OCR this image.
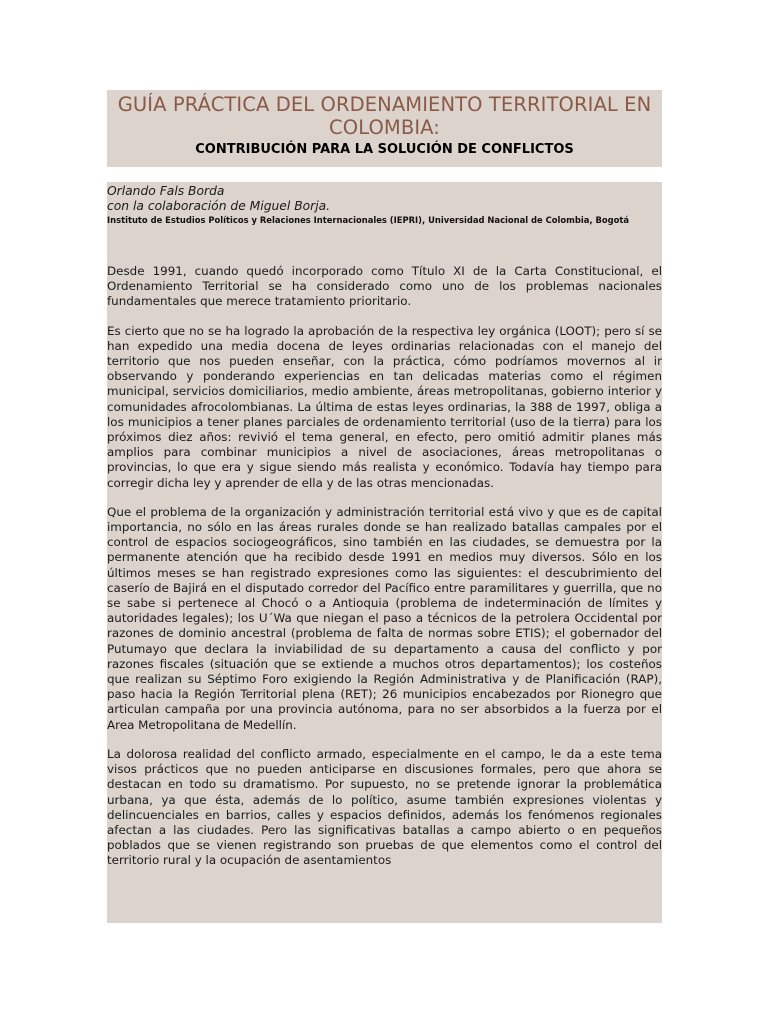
GUÍA PRÁCTICA DEL ORDENAMIENTO TERRITORIAL EN COLOMBIA:
CONTRIBUCIÓN PARA LA SOLUCIÓN DE CONFLICTOS

Orlando Fals Borda

con la colaboración de Miguel Borja.

Instituto de Estudios Políticos y Relaciones Internacionales (IEPRI), Universidad Nacional de Colombia, Bogotá

Desde 1991, cuando quedó incorporado como Título XI de la Carta Constitucional, el Ordenamiento Territorial se ha considerado como uno de los problemas nacionales fundamentales que merece tratamiento prioritario.

Es cierto que no se ha logrado la aprobación de la respectiva ley orgánica (LOOT); pero sí se han expedido una media docena de leyes ordinarias relacionadas con el manejo del territorio que nos pueden enseñar, con la práctica, cómo podríamos movernos al ir observando y ponderando experiencias en tan delicadas materias como el régimen municipal, servicios domiciliarios, medio ambiente, áreas metropolitanas, gobierno interior y comunidades afrocolombianas. La última de estas leyes ordinarias, la 388 de 1997, obliga a los municipios a tener planes parciales de ordenamiento territorial (uso de la tierra) para los próximos diez años: revivió el tema general, en efecto, pero omitió admitir planes más amplios para combinar municipios a nivel de asociaciones, áreas metropolitanas o provincias, lo que era y sigue siendo más realista y económico. Todavía hay tiempo para corregir dicha ley y aprender de ella y de las otras mencionadas.

Que el problema de la organización y administración territorial está vivo y que es de capital importancia, no sólo en las áreas rurales donde se han realizado batallas campales por el control de espacios sociogeográficos, sino también en las ciudades, se demuestra por la permanente atención que ha recibido desde 1991 en medios muy diversos. Sólo en los últimos meses se han registrado expresiones como las siguientes: el descubrimiento del caserío de Bajirá en el disputado corredor del Pacífico entre paramilitares y guerrilla, que no se sabe si pertenece al Chocó o a Antioquia (problema de indeterminación de límites y autoridades legales); los U´Wa que niegan el paso a técnicos de la petrolera Occidental por razones de dominio ancestral (problema de falta de normas sobre ETIS); el gobernador del Putumayo que declara la inviabilidad de su departamento a causa del conflicto y por razones fiscales (situación que se extiende a muchos otros departamentos); los costeños que realizan su Séptimo Foro exigiendo la Región Administrativa y de Planificación (RAP), paso hacia la Región Territorial plena (RET); 26 municipios encabezados por Rionegro que articulan campaña por una provincia autónoma, para no ser absorbidos a la fuerza por el Area Metropolitana de Medellín.

La dolorosa realidad del conflicto armado, especialmente en el campo, le da a este tema visos prácticos que no pueden anticiparse en discusiones formales, pero que ahora se destacan en todo su dramatismo. Por supuesto, no se pretende ignorar la problemática urbana, ya que ésta, además de lo político, asume también expresiones violentas y delincuenciales en barrios, calles y espacios definidos, además los fenómenos regionales afectan a las ciudades. Pero las significativas batallas a campo abierto o en pequeños poblados que se vienen registrando son pruebas de que elementos como el control del territorio rural y la ocupación de asentamientos
